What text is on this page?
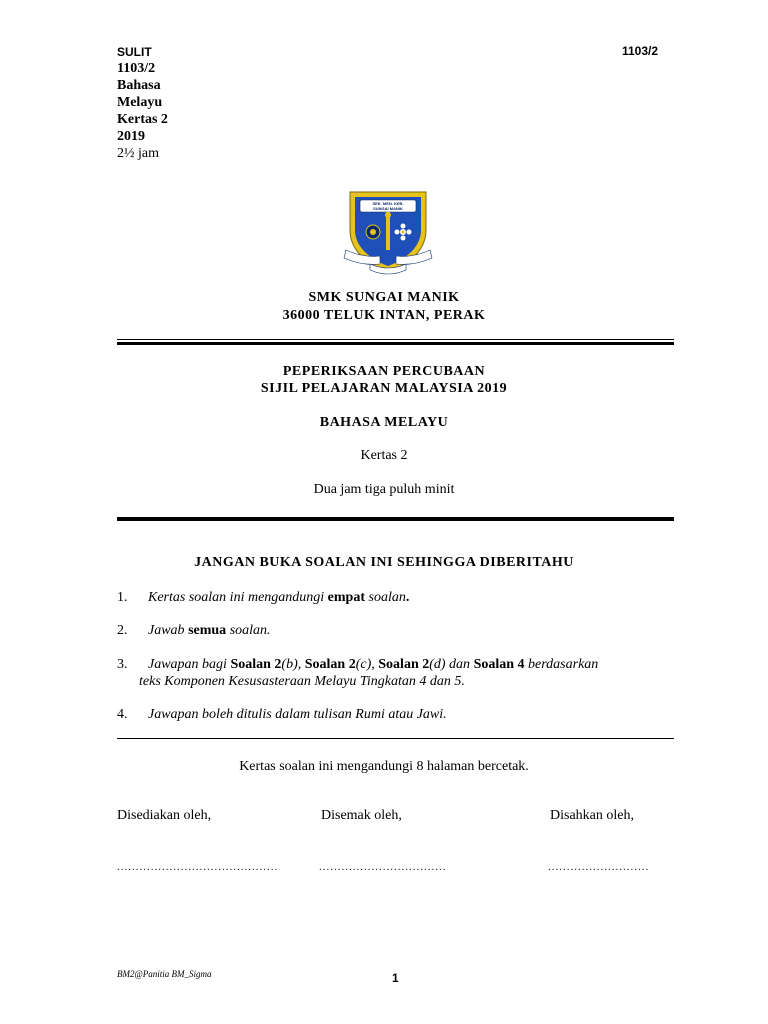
SULIT
1103/2
Bahasa
Melayu
Kertas 2
2019
2½ jam
1103/2
SEK. MEN. KEB.
SUNGAI MANIK
SMK SUNGAI MANIK
36000 TELUK INTAN, PERAK
PEPERIKSAAN PERCUBAAN
SIJIL PELAJARAN MALAYSIA 2019
BAHASA MELAYU
Kertas 2
Dua jam tiga puluh minit
JANGAN BUKA SOALAN INI SEHINGGA DIBERITAHU
1. Kertas soalan ini mengandungi empat soalan.
2. Jawab semua soalan.
3. Jawapan bagi Soalan 2(b), Soalan 2(c), Soalan 2(d) dan Soalan 4 berdasarkan
teks Komponen Kesusasteraan Melayu Tingkatan 4 dan 5.
4. Jawapan boleh ditulis dalam tulisan Rumi atau Jawi.
Kertas soalan ini mengandungi 8 halaman bercetak.
Disediakan oleh,	Disemak oleh,	Disahkan oleh,
...........................................	..................................	...........................
BM2@Panitia BM_Sigma	1
